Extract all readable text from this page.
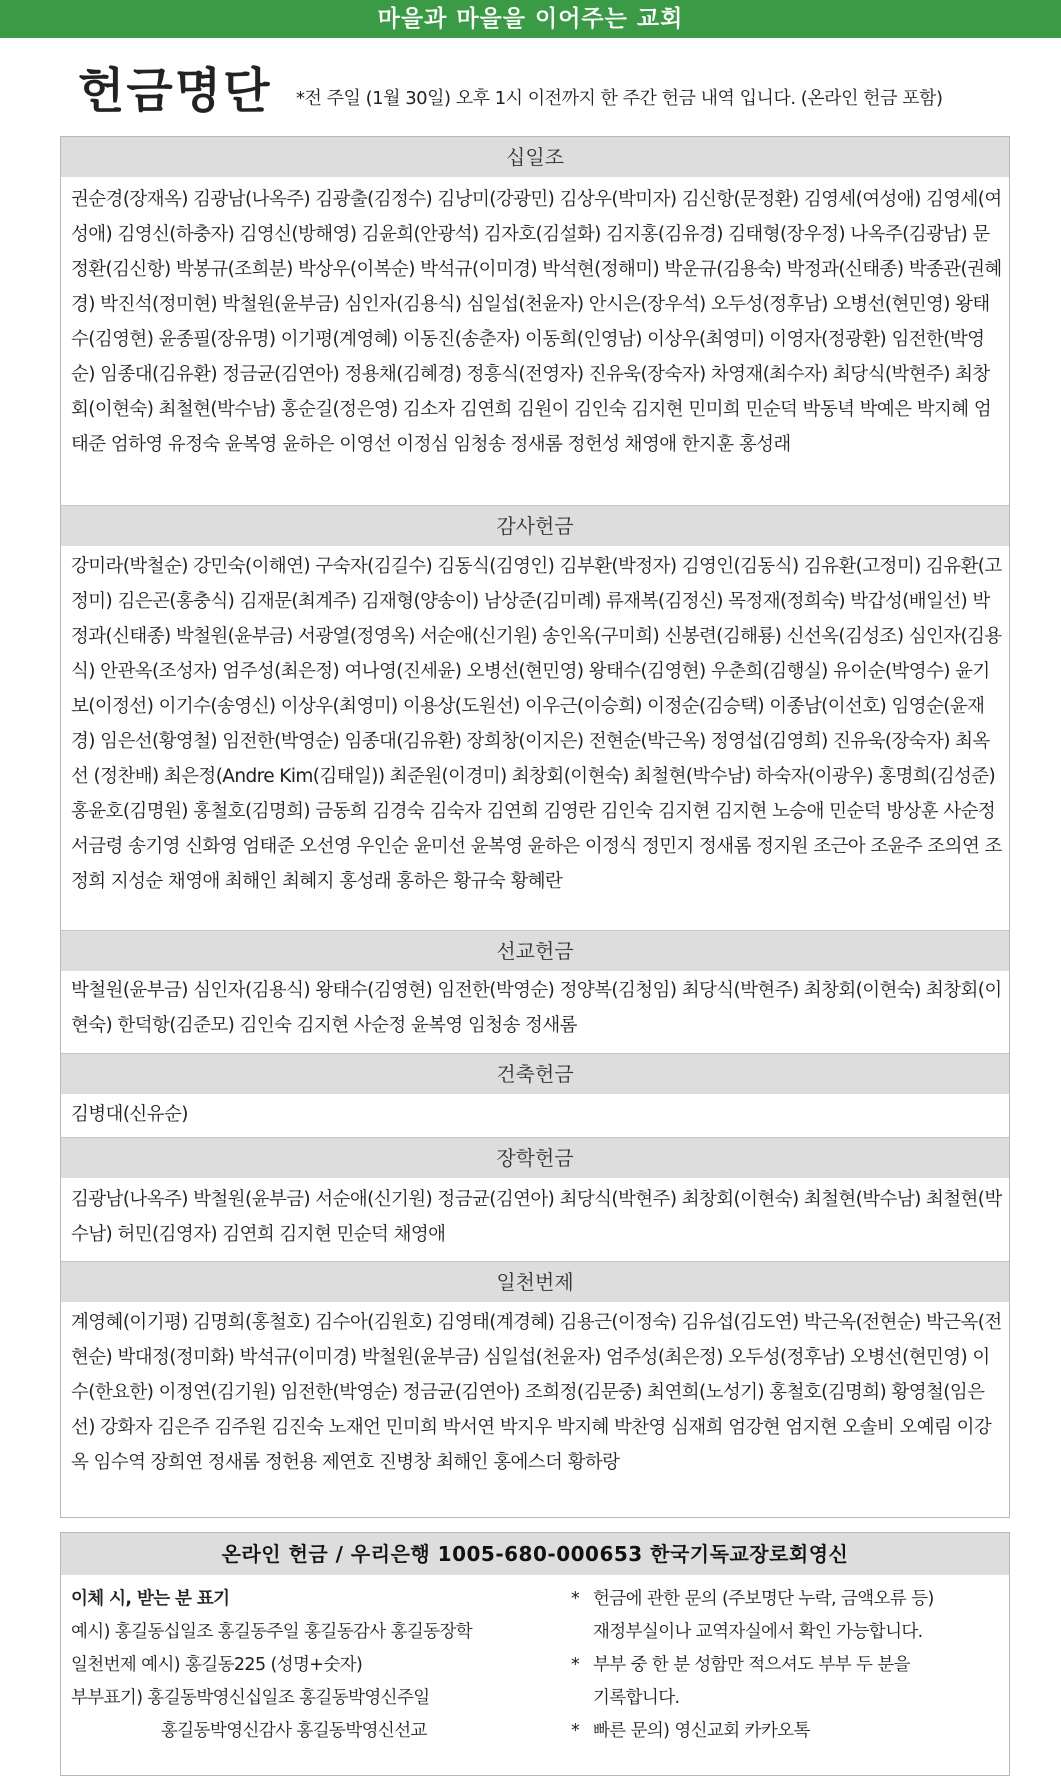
마을과 마을을 이어주는 교회
헌금명단 *전 주일 (1월 30일) 오후 1시 이전까지 한 주간 헌금 내역 입니다. (온라인 헌금 포함)
십일조
권순경(장재옥) 김광남(나옥주) 김광출(김정수) 김낭미(강광민) 김상우(박미자) 김신항(문정환) 김영세(여성애) 김영세(여성애) 김영신(하충자) 김영신(방해영) 김윤희(안광석) 김자호(김설화) 김지홍(김유경) 김태형(장우정) 나옥주(김광남) 문정환(김신항) 박봉규(조희분) 박상우(이복순) 박석규(이미경) 박석현(정해미) 박운규(김용숙) 박정과(신태종) 박종관(권혜경) 박진석(정미현) 박철원(윤부금) 심인자(김용식) 심일섭(천윤자) 안시은(장우석) 오두성(정후남) 오병선(현민영) 왕태수(김영현) 윤종필(장유명) 이기평(계영혜) 이동진(송춘자) 이동희(인영남) 이상우(최영미) 이영자(정광환) 임전한(박영순) 임종대(김유환) 정금균(김연아) 정용채(김혜경) 정흥식(전영자) 진유욱(장숙자) 차영재(최수자) 최당식(박현주) 최창회(이현숙) 최철현(박수남) 홍순길(정은영) 김소자 김연희 김원이 김인숙 김지현 민미희 민순덕 박동녁 박예은 박지혜 엄태준 엄하영 유정숙 윤복영 윤하은 이영선 이정심 임청송 정새롬 정헌성 채영애 한지훈 홍성래
감사헌금
강미라(박철순) 강민숙(이해연) 구숙자(김길수) 김동식(김영인) 김부환(박정자) 김영인(김동식) 김유환(고정미) 김유환(고정미) 김은곤(홍충식) 김재문(최계주) 김재형(양송이) 남상준(김미례) 류재복(김정신) 목정재(정희숙) 박갑성(배일선) 박정과(신태종) 박철원(윤부금) 서광열(정영옥) 서순애(신기원) 송인옥(구미희) 신봉련(김해룡) 신선옥(김성조) 심인자(김용식) 안관옥(조성자) 엄주성(최은정) 여나영(진세윤) 오병선(현민영) 왕태수(김영현) 우춘희(김행실) 유이순(박영수) 윤기보(이정선) 이기수(송영신) 이상우(최영미) 이용상(도원선) 이우근(이승희) 이정순(김승택) 이종남(이선호) 임영순(윤재경) 임은선(황영철) 임전한(박영순) 임종대(김유환) 장희창(이지은) 전현순(박근옥) 정영섭(김영희) 진유욱(장숙자) 최옥선 (정찬배) 최은정(Andre Kim(김태일)) 최준원(이경미) 최창회(이현숙) 최철현(박수남) 하숙자(이광우) 홍명희(김성준) 홍윤호(김명원) 홍철호(김명희) 금동희 김경숙 김숙자 김연희 김영란 김인숙 김지현 김지현 노승애 민순덕 방상훈 사순정 서금령 송기영 신화영 엄태준 오선영 우인순 윤미선 윤복영 윤하은 이정식 정민지 정새롬 정지원 조근아 조윤주 조의연 조정희 지성순 채영애 최해인 최혜지 홍성래 홍하은 황규숙 황혜란
선교헌금
박철원(윤부금) 심인자(김용식) 왕태수(김영현) 임전한(박영순) 정양복(김청임) 최당식(박현주) 최창회(이현숙) 최창회(이현숙) 한덕항(김준모) 김인숙 김지현 사순정 윤복영 임청송 정새롬
건축헌금
김병대(신유순)
장학헌금
김광남(나옥주) 박철원(윤부금) 서순애(신기원) 정금균(김연아) 최당식(박현주) 최창회(이현숙) 최철현(박수남) 최철현(박수남) 허민(김영자) 김연희 김지현 민순덕 채영애
일천번제
계영혜(이기평) 김명희(홍철호) 김수아(김원호) 김영태(계경혜) 김용근(이정숙) 김유섭(김도연) 박근옥(전현순) 박근옥(전현순) 박대정(정미화) 박석규(이미경) 박철원(윤부금) 심일섭(천윤자) 엄주성(최은정) 오두성(정후남) 오병선(현민영) 이   수(한요한) 이정연(김기원) 임전한(박영순) 정금균(김연아) 조희정(김문중) 최연희(노성기) 홍철호(김명희) 황영철(임은선) 강화자 김은주 김주원 김진숙 노재언 민미희 박서연 박지우 박지혜 박찬영 심재희 엄강현 엄지현 오솔비 오예림 이강옥 임수역 장희연 정새롬 정헌용 제연호 진병창 최해인 홍에스더 황하랑
온라인 헌금 / 우리은행 1005-680-000653 한국기독교장로회영신
이체 시, 받는 분 표기
예시) 홍길동십일조 홍길동주일 홍길동감사 홍길동장학
일천번제 예시) 홍길동225 (성명+숫자)
부부표기) 홍길동박영신십일조 홍길동박영신주일
홍길동박영신감사 홍길동박영신선교
* 헌금에 관한 문의 (주보명단 누락, 금액오류 등)
재정부실이나 교역자실에서 확인 가능합니다.
* 부부 중 한 분 성함만 적으셔도 부부 두 분을
기록합니다.
* 빠른 문의) 영신교회 카카오톡
